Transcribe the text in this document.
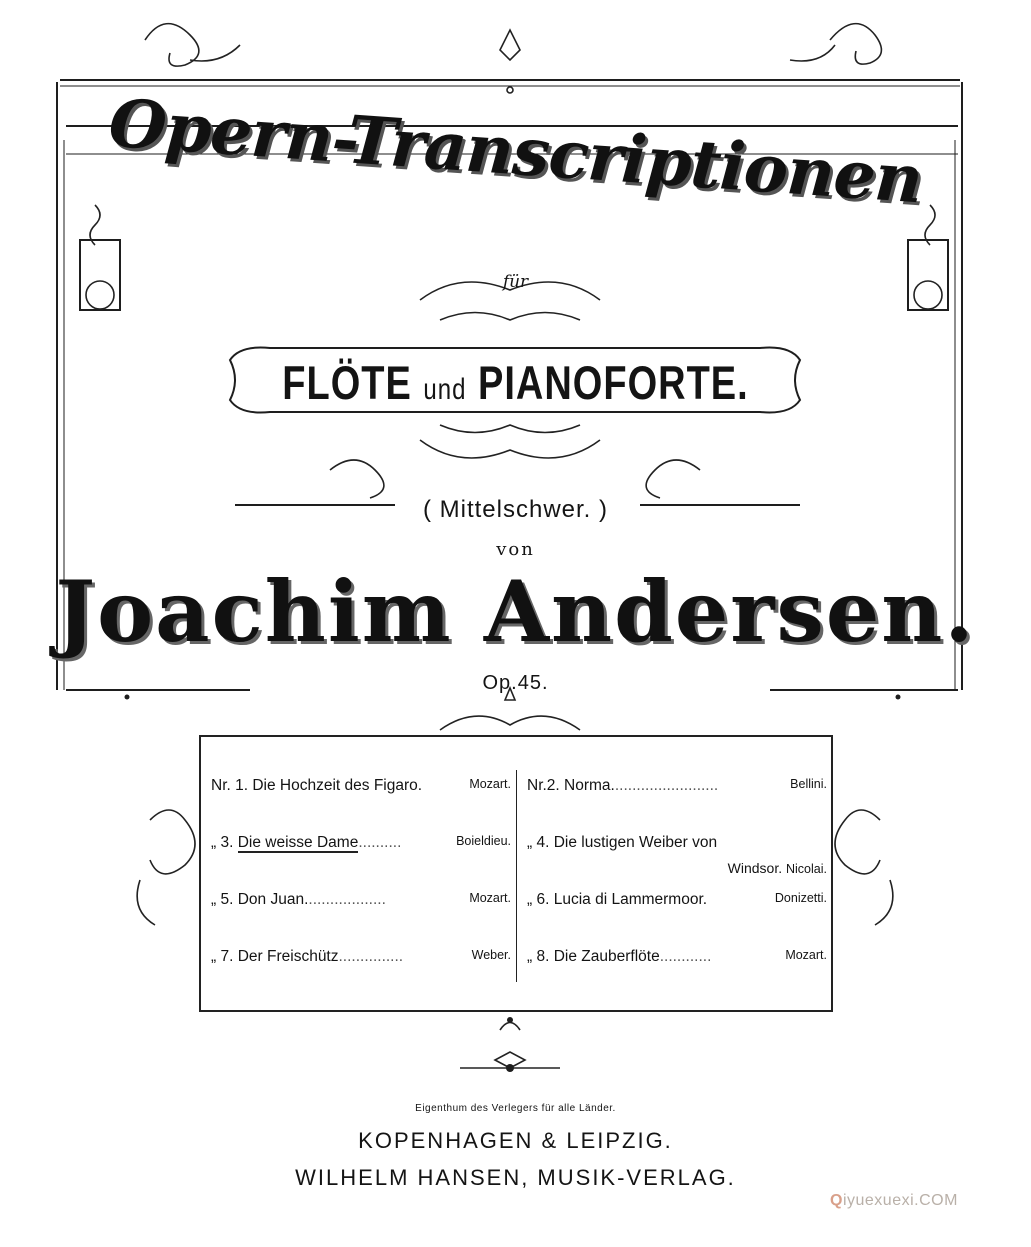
Opern-Transcriptionen
für
FLÖTE und PIANOFORTE.
( Mittelschwer. )
von
Joachim Andersen.
Op.45.
Nr. 1. Die Hochzeit des Figaro.	Mozart.
„ 3. Die weisse Dame..........	Boieldieu.
„ 5. Don Juan...................	Mozart.
„ 7. Der Freischütz...............	Weber.
Nr.2. Norma.........................	Bellini.
„ 4. Die lustigen Weiber von
Windsor. Nicolai.
„ 6. Lucia di Lammermoor.	Donizetti.
„ 8. Die Zauberflöte............	Mozart.
Eigenthum des Verlegers für alle Länder.
KOPENHAGEN & LEIPZIG.
WILHELM HANSEN, MUSIK-VERLAG.
Qiyuexuexi.COM
